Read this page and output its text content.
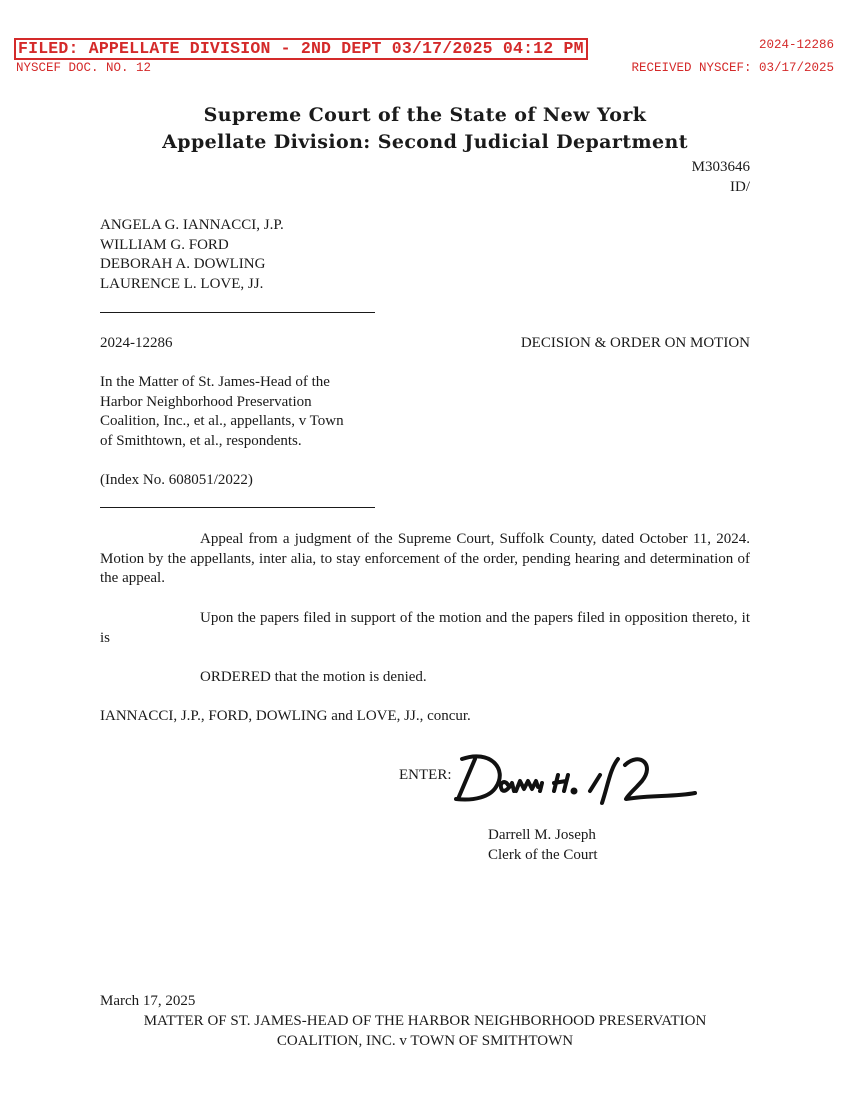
FILED: APPELLATE DIVISION - 2ND DEPT 03/17/2025 04:12 PM	2024-12286
NYSCEF DOC. NO. 12	RECEIVED NYSCEF: 03/17/2025
Supreme Court of the State of New York
Appellate Division: Second Judicial Department
M303646
ID/
ANGELA G. IANNACCI, J.P.
WILLIAM G. FORD
DEBORAH A. DOWLING
LAURENCE L. LOVE, JJ.
2024-12286	DECISION & ORDER ON MOTION
In the Matter of St. James-Head of the
Harbor Neighborhood Preservation
Coalition, Inc., et al., appellants, v Town
of Smithtown, et al., respondents.
(Index No. 608051/2022)
Appeal from a judgment of the Supreme Court, Suffolk County, dated October 11, 2024. Motion by the appellants, inter alia, to stay enforcement of the order, pending hearing and determination of the appeal.
Upon the papers filed in support of the motion and the papers filed in opposition thereto, it is
ORDERED that the motion is denied.
IANNACCI, J.P., FORD, DOWLING and LOVE, JJ., concur.
ENTER:
Darrell M. Joseph
Clerk of the Court
March 17, 2025
MATTER OF ST. JAMES-HEAD OF THE HARBOR NEIGHBORHOOD PRESERVATION
COALITION, INC. v TOWN OF SMITHTOWN
